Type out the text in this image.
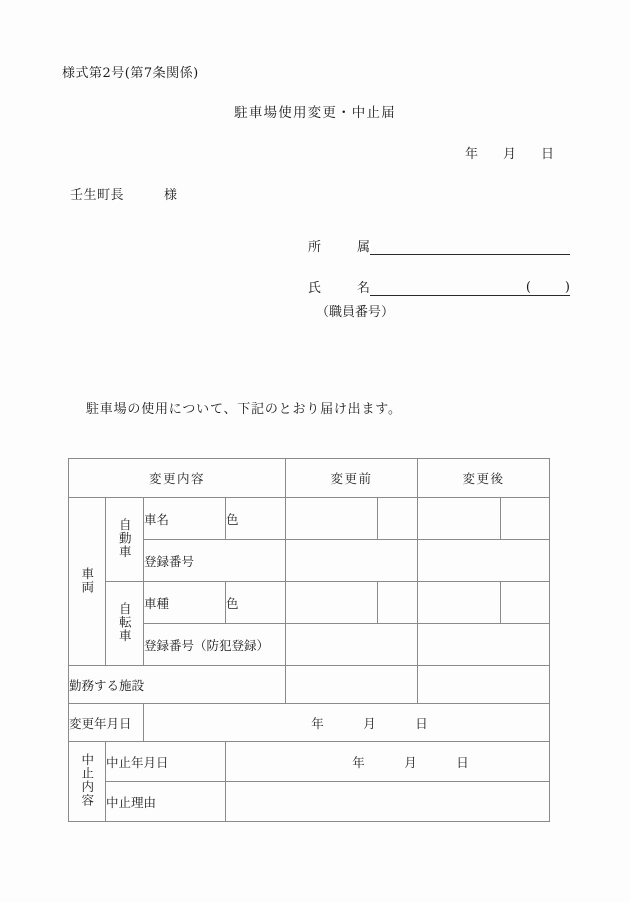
様式第2号(第7条関係)
駐車場使用変更・中止届
年 月 日
壬生町長	様
所	属
氏	名	(	)
（職員番号）
駐車場の使用について、下記のとおり届け出ます。
変更内容				変更前		変更後	
車両	自動車	車名	色				
		登録番号					
	自転車	車種	色				
		登録番号（防犯登録）					
勤務する施設							
変更年月日		年 月 日					
中止内容	中止年月日		年 月 日				
	中止理由						
